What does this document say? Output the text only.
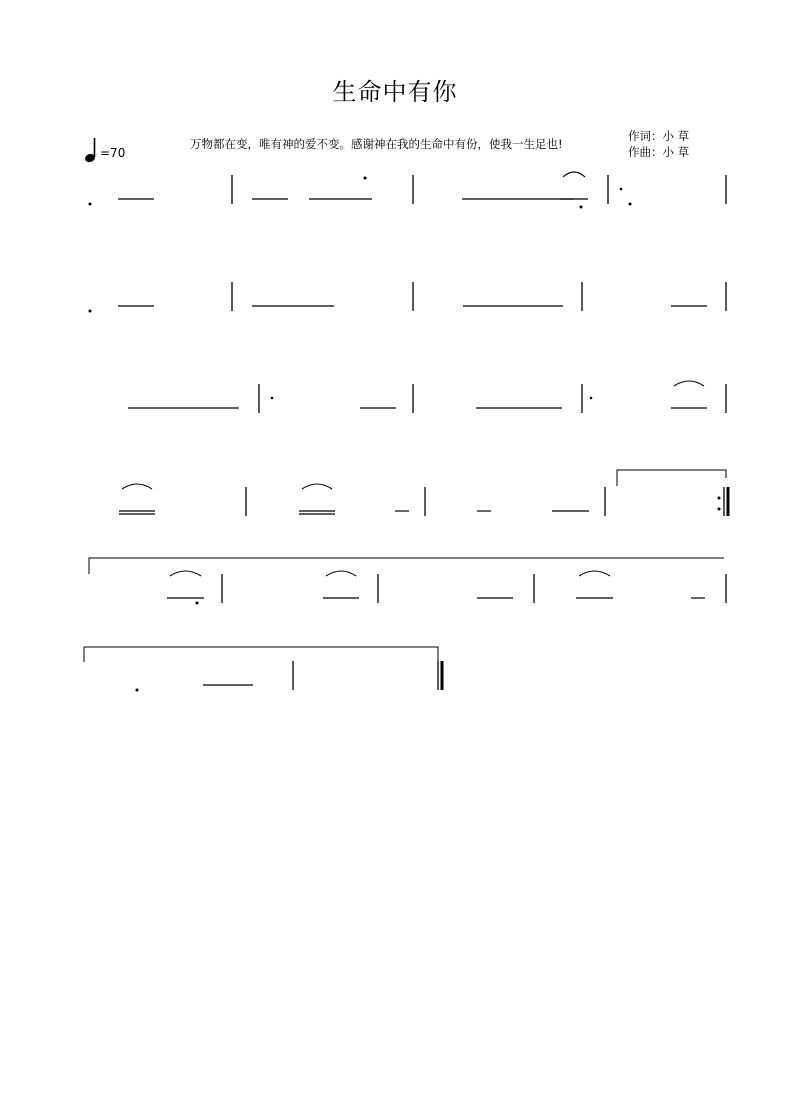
生命中有你
=70
万物都在变，唯有神的爱不变。感谢神在我的生命中有份，使我一生足也!
作词：小 草
作曲：小 草
